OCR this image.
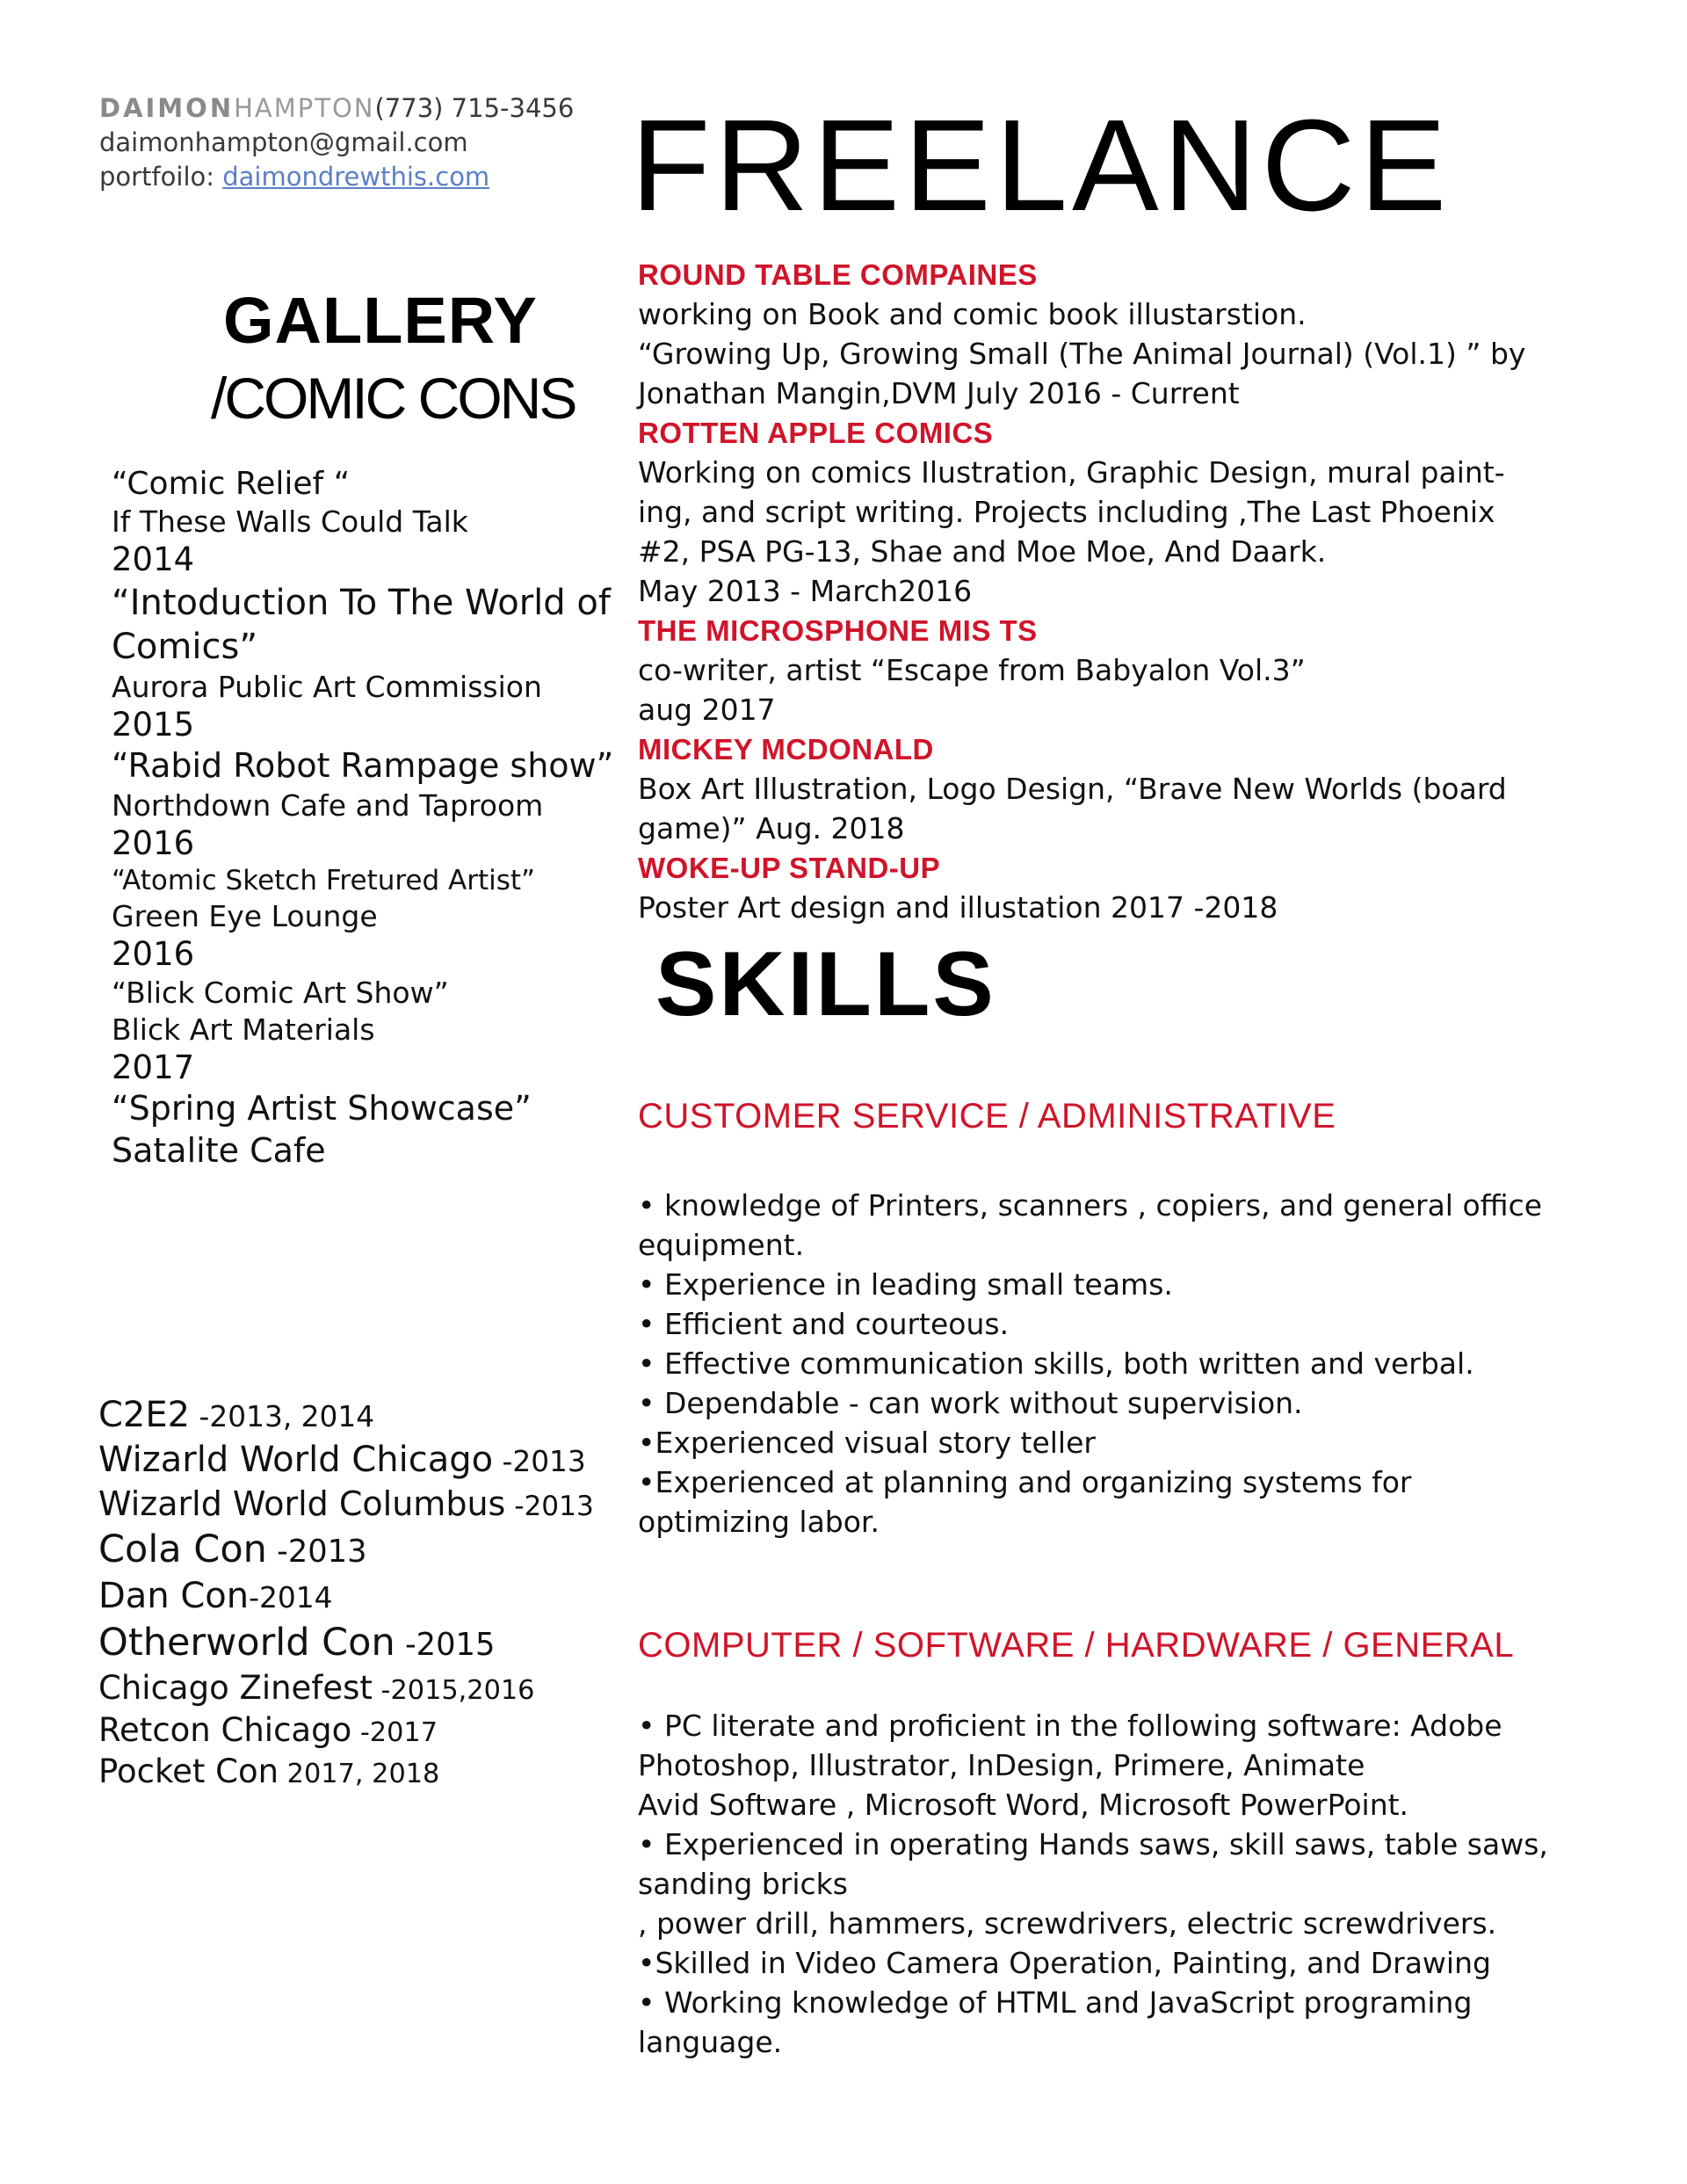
DAIMONHAMPTON(773) 715-3456
daimonhampton@gmail.com
portfoilo: daimondrewthis.com
GALLERY
/COMIC CONS
FREELANCE
SKILLS
“Comic Relief “
If These Walls Could Talk
2014
“Intoduction To The World of
Comics”
Aurora Public Art Commission
2015
“Rabid Robot Rampage show”
Northdown Cafe and Taproom
2016
“Atomic Sketch Fretured Artist”
Green Eye Lounge
2016
“Blick Comic Art Show”
Blick Art Materials
2017
“Spring Artist Showcase”
Satalite Cafe
C2E2 -2013, 2014
Wizarld World Chicago -2013
Wizarld World Columbus -2013
Cola Con -2013
Dan Con-2014
Otherworld Con -2015
Chicago Zinefest -2015,2016
Retcon Chicago -2017
Pocket Con 2017, 2018
ROUND TABLE COMPAINES
working on Book and comic book illustarstion.
“Growing Up, Growing Small (The Animal Journal) (Vol.1) ” by
Jonathan Mangin,DVM July 2016 - Current
ROTTEN APPLE COMICS
Working on comics Ilustration, Graphic Design, mural paint-
ing, and script writing. Projects including ,The Last Phoenix
#2, PSA PG-13, Shae and Moe Moe, And Daark.
May 2013 - March2016
THE MICROSPHONE MIS TS
co-writer, artist “Escape from Babyalon Vol.3”
aug 2017
MICKEY MCDONALD
Box Art Illustration, Logo Design, “Brave New Worlds (board
game)” Aug. 2018
WOKE-UP STAND-UP
Poster Art design and illustation 2017 -2018
CUSTOMER SERVICE / ADMINISTRATIVE
• knowledge of Printers, scanners , copiers, and general office
equipment.
• Experience in leading small teams.
• Efficient and courteous.
• Effective communication skills, both written and verbal.
• Dependable - can work without supervision.
•Experienced visual story teller
•Experienced at planning and organizing systems for
optimizing labor.
COMPUTER / SOFTWARE / HARDWARE / GENERAL
• PC literate and proficient in the following software: Adobe
Photoshop, Illustrator, InDesign, Primere, Animate
Avid Software , Microsoft Word, Microsoft PowerPoint.
• Experienced in operating Hands saws, skill saws, table saws,
sanding bricks
, power drill, hammers, screwdrivers, electric screwdrivers.
•Skilled in Video Camera Operation, Painting, and Drawing
• Working knowledge of HTML and JavaScript programing
language.
